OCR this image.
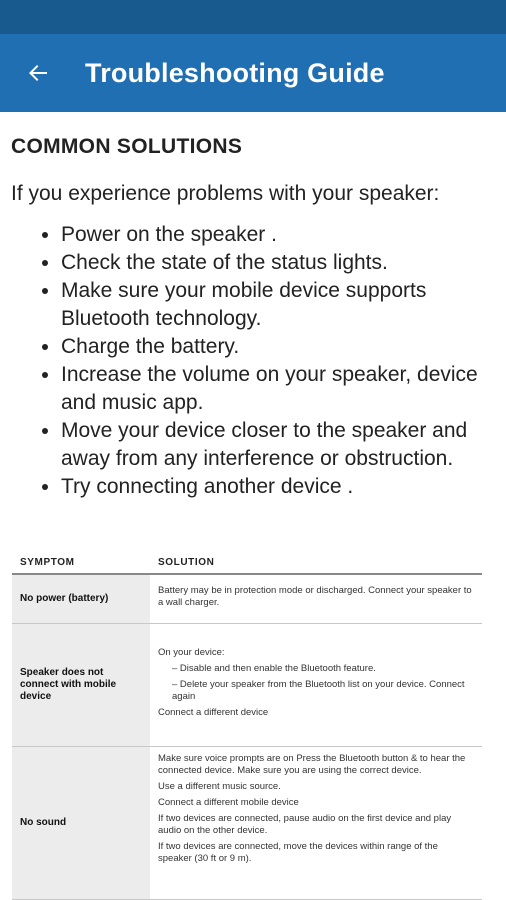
Troubleshooting Guide
COMMON SOLUTIONS
If you experience problems with your speaker:
• Power on the speaker .
• Check the state of the status lights.
• Make sure your mobile device supports Bluetooth technology.
• Charge the battery.
• Increase the volume on your speaker, device and music app.
• Move your device closer to the speaker and away from any interference or obstruction.
• Try connecting another device .
SYMPTOM	SOLUTION
No power (battery)	Battery may be in protection mode or discharged. Connect your speaker to a wall charger.

Speaker does not connect with mobile device	On your device:

– Disable and then enable the Bluetooth feature.

– Delete your speaker from the Bluetooth list on your device. Connect again

Connect a different device

No sound	Make sure voice prompts are on Press the Bluetooth button & to hear the connected device. Make sure you are using the correct device.

Use a different music source.

Connect a different mobile device

If two devices are connected, pause audio on the first device and play audio on the other device.

If two devices are connected, move the devices within range of the speaker (30 ft or 9 m).
